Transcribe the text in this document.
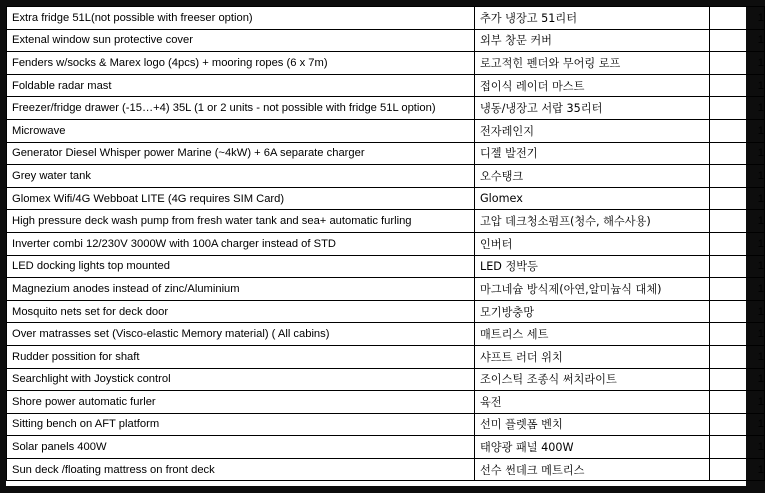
Extra fridge 51L(not possible with freeser option)	추가 냉장고 51리터	1
Extenal window sun protective cover	외부 창문 커버	1
Fenders w/socks & Marex logo (4pcs) + mooring ropes (6 x 7m)	로고적힌 펜더와 무어링 로프	1
Foldable radar mast	접이식 레이더 마스트	1
Freezer/fridge drawer (-15…+4) 35L (1 or 2 units - not possible with fridge 51L option)	냉동/냉장고 서랍 35리터	1
Microwave	전자레인지	1
Generator Diesel Whisper power Marine (~4kW) + 6A separate charger	디젤 발전기	1
Grey water tank	오수탱크	1
Glomex Wifi/4G Webboat LITE (4G requires SIM Card)	Glomex	1
High pressure deck wash pump from fresh water tank and sea+ automatic furling	고압 데크청소펌프(청수, 해수사용)	1
Inverter combi 12/230V 3000W with 100A charger instead of STD	인버터	1
LED docking lights top mounted	LED 정박등	1
Magnezium anodes instead of zinc/Aluminium	마그네슘 방식제(아연,알미늄식 대체)	1
Mosquito nets set for deck door	모기방충망	1
Over matrasses set (Visco-elastic Memory material) ( All cabins)	매트리스 세트	1
Rudder possition for shaft	샤프트 러더 위치	1
Searchlight with Joystick control	조이스틱 조종식 써치라이트	1
Shore power automatic furler	육전	1
Sitting bench on AFT platform	선미 플렛폼 벤치	1
Solar panels 400W	태양광 패널 400W	1
Sun deck /floating mattress on front deck	선수 썬데크 메트리스	1
